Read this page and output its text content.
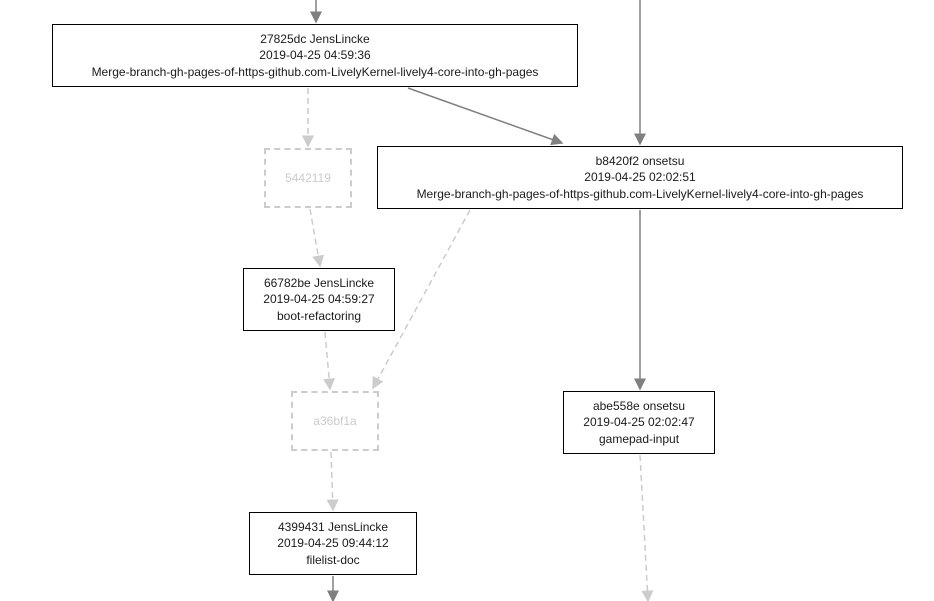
27825dc JensLincke
2019-04-25 04:59:36
Merge-branch-gh-pages-of-https-github.com-LivelyKernel-lively4-core-into-gh-pages
b8420f2 onsetsu
2019-04-25 02:02:51
Merge-branch-gh-pages-of-https-github.com-LivelyKernel-lively4-core-into-gh-pages
5442119
66782be JensLincke
2019-04-25 04:59:27
boot-refactoring
a36bf1a
abe558e onsetsu
2019-04-25 02:02:47
gamepad-input
4399431 JensLincke
2019-04-25 09:44:12
filelist-doc
